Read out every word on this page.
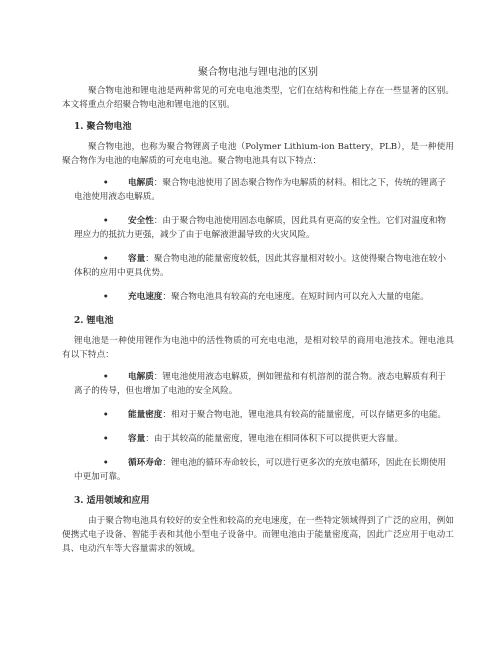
聚合物电池与锂电池的区别

聚合物电池和锂电池是两种常见的可充电电池类型，它们在结构和性能上存在一些显著的区别。本文将重点介绍聚合物电池和锂电池的区别。

1. 聚合物电池

聚合物电池，也称为聚合物锂离子电池（Polymer Lithium-ion Battery，PLB），是一种使用聚合物作为电池的电解质的可充电电池。聚合物电池具有以下特点：

• 电解质：聚合物电池使用了固态聚合物作为电解质的材料。相比之下，传统的锂离子电池使用液态电解质。
• 安全性：由于聚合物电池使用固态电解质，因此具有更高的安全性。它们对温度和物理应力的抵抗力更强，减少了由于电解液泄漏导致的火灾风险。
• 容量：聚合物电池的能量密度较低，因此其容量相对较小。这使得聚合物电池在较小体积的应用中更具优势。
• 充电速度：聚合物电池具有较高的充电速度。在短时间内可以充入大量的电能。
2. 锂电池

锂电池是一种使用锂作为电池中的活性物质的可充电电池，是相对较早的商用电池技术。锂电池具有以下特点：

• 电解质：锂电池使用液态电解质，例如锂盐和有机溶剂的混合物。液态电解质有利于离子的传导，但也增加了电池的安全风险。
• 能量密度：相对于聚合物电池，锂电池具有较高的能量密度，可以存储更多的电能。
• 容量：由于其较高的能量密度，锂电池在相同体积下可以提供更大容量。
• 循环寿命：锂电池的循环寿命较长，可以进行更多次的充放电循环，因此在长期使用中更加可靠。
3. 适用领域和应用

由于聚合物电池具有较好的安全性和较高的充电速度，在一些特定领域得到了广泛的应用，例如便携式电子设备、智能手表和其他小型电子设备中。而锂电池由于能量密度高，因此广泛应用于电动工具、电动汽车等大容量需求的领域。
